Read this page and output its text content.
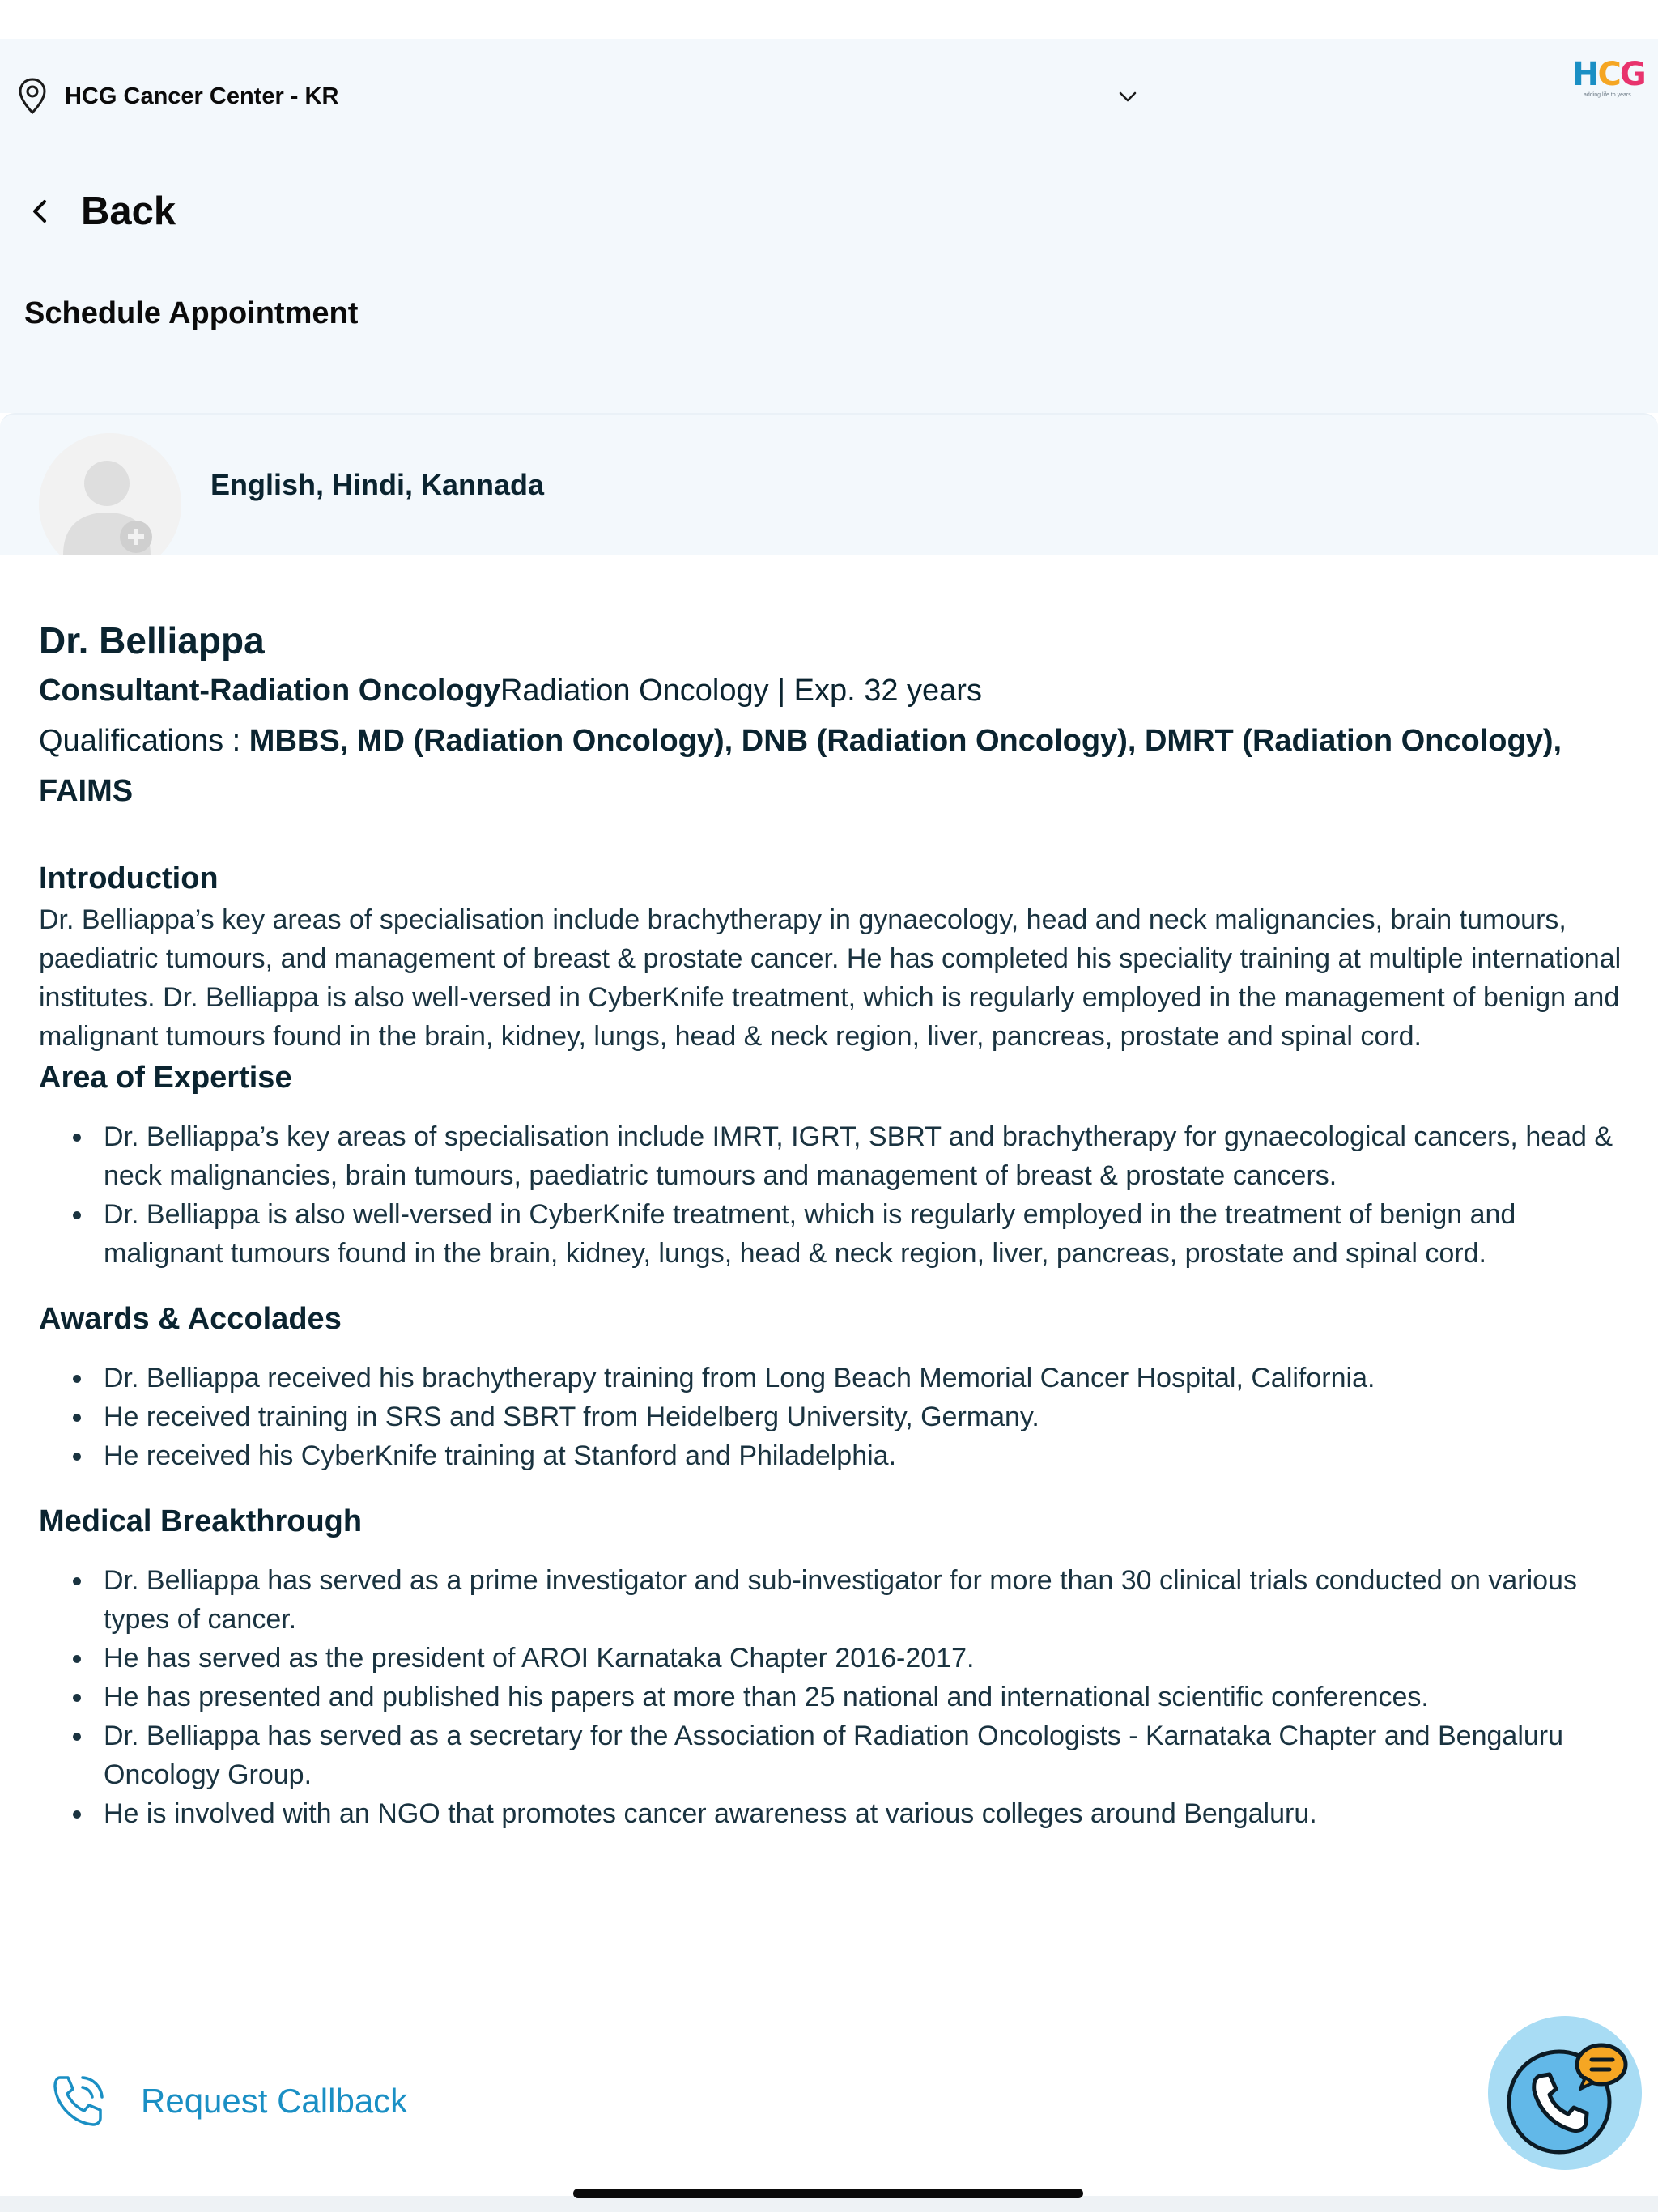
HCG Cancer Center - KR
HCG
adding life to years
Back
Schedule Appointment
English, Hindi, Kannada
Dr. Belliappa
Consultant-Radiation OncologyRadiation Oncology | Exp. 32 years
Qualifications : MBBS, MD (Radiation Oncology), DNB (Radiation Oncology), DMRT (Radiation Oncology), FAIMS
Introduction
Dr. Belliappa’s key areas of specialisation include brachytherapy in gynaecology, head and neck malignancies, brain tumours, paediatric tumours, and management of breast & prostate cancer. He has completed his speciality training at multiple international institutes. Dr. Belliappa is also well-versed in CyberKnife treatment, which is regularly employed in the management of benign and malignant tumours found in the brain, kidney, lungs, head & neck region, liver, pancreas, prostate and spinal cord.
Area of Expertise
Dr. Belliappa’s key areas of specialisation include IMRT, IGRT, SBRT and brachytherapy for gynaecological cancers, head & neck malignancies, brain tumours, paediatric tumours and management of breast & prostate cancers.
Dr. Belliappa is also well-versed in CyberKnife treatment, which is regularly employed in the treatment of benign and malignant tumours found in the brain, kidney, lungs, head & neck region, liver, pancreas, prostate and spinal cord.
Awards & Accolades
Dr. Belliappa received his brachytherapy training from Long Beach Memorial Cancer Hospital, California.
He received training in SRS and SBRT from Heidelberg University, Germany.
He received his CyberKnife training at Stanford and Philadelphia.
Medical Breakthrough
Dr. Belliappa has served as a prime investigator and sub-investigator for more than 30 clinical trials conducted on various types of cancer.
He has served as the president of AROI Karnataka Chapter 2016-2017.
He has presented and published his papers at more than 25 national and international scientific conferences.
Dr. Belliappa has served as a secretary for the Association of Radiation Oncologists - Karnataka Chapter and Bengaluru Oncology Group.
He is involved with an NGO that promotes cancer awareness at various colleges around Bengaluru.
Request Callback
